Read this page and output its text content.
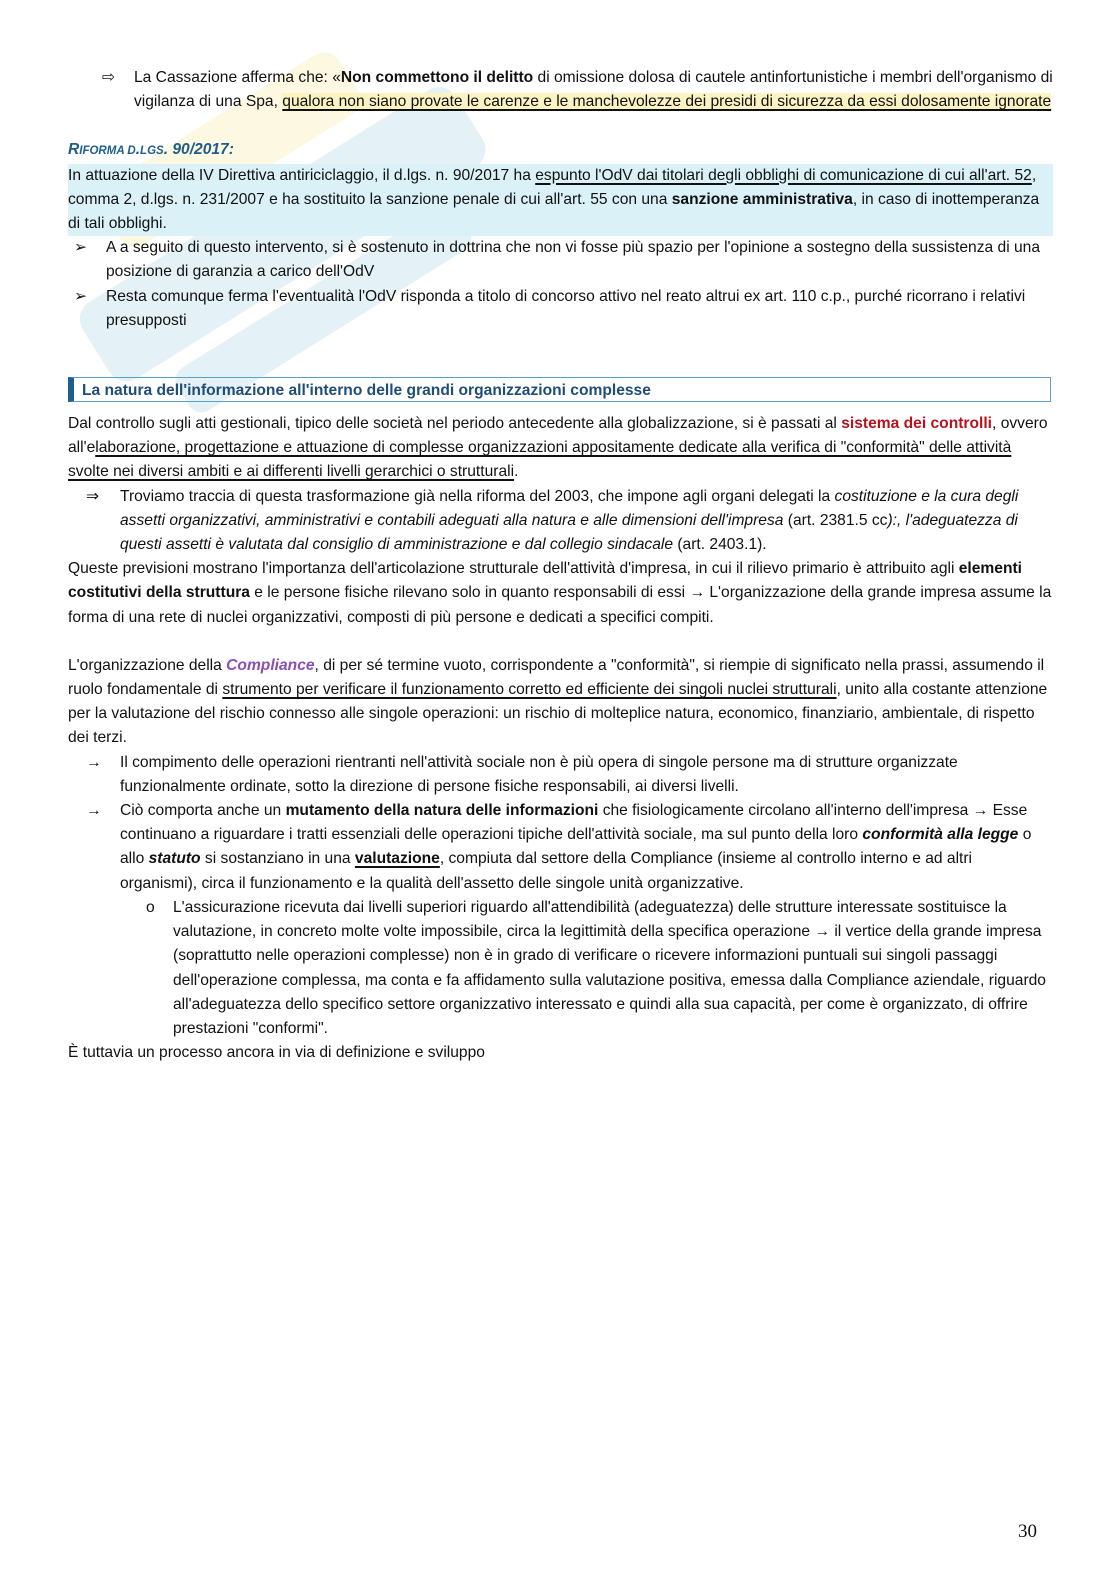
⇨ La Cassazione afferma che: «Non commettono il delitto di omissione dolosa di cautele antinfortunistiche i membri dell'organismo di vigilanza di una Spa, qualora non siano provate le carenze e le manchevolezze dei presidi di sicurezza da essi dolosamente ignorate

RIFORMA D.LGS. 90/2017:

In attuazione della IV Direttiva antiriciclaggio, il d.lgs. n. 90/2017 ha espunto l'OdV dai titolari degli obblighi di comunicazione di cui all'art. 52, comma 2, d.lgs. n. 231/2007 e ha sostituito la sanzione penale di cui all'art. 55 con una sanzione amministrativa, in caso di inottemperanza di tali obblighi.

➢ A a seguito di questo intervento, si è sostenuto in dottrina che non vi fosse più spazio per l'opinione a sostegno della sussistenza di una posizione di garanzia a carico dell'OdV

➢ Resta comunque ferma l'eventualità l'OdV risponda a titolo di concorso attivo nel reato altrui ex art. 110 c.p., purché ricorrano i relativi presupposti

La natura dell'informazione all'interno delle grandi organizzazioni complesse

Dal controllo sugli atti gestionali, tipico delle società nel periodo antecedente alla globalizzazione, si è passati al sistema dei controlli, ovvero all'elaborazione, progettazione e attuazione di complesse organizzazioni appositamente dedicate alla verifica di "conformità" delle attività svolte nei diversi ambiti e ai differenti livelli gerarchici o strutturali.

⇒ Troviamo traccia di questa trasformazione già nella riforma del 2003, che impone agli organi delegati la costituzione e la cura degli assetti organizzativi, amministrativi e contabili adeguati alla natura e alle dimensioni dell'impresa (art. 2381.5 cc):, l'adeguatezza di questi assetti è valutata dal consiglio di amministrazione e dal collegio sindacale (art. 2403.1).

Queste previsioni mostrano l'importanza dell'articolazione strutturale dell'attività d'impresa, in cui il rilievo primario è attribuito agli elementi costitutivi della struttura e le persone fisiche rilevano solo in quanto responsabili di essi → L'organizzazione della grande impresa assume la forma di una rete di nuclei organizzativi, composti di più persone e dedicati a specifici compiti.

L'organizzazione della Compliance, di per sé termine vuoto, corrispondente a "conformità", si riempie di significato nella prassi, assumendo il ruolo fondamentale di strumento per verificare il funzionamento corretto ed efficiente dei singoli nuclei strutturali, unito alla costante attenzione per la valutazione del rischio connesso alle singole operazioni: un rischio di molteplice natura, economico, finanziario, ambientale, di rispetto dei terzi.

→ Il compimento delle operazioni rientranti nell'attività sociale non è più opera di singole persone ma di strutture organizzate funzionalmente ordinate, sotto la direzione di persone fisiche responsabili, ai diversi livelli.

→ Ciò comporta anche un mutamento della natura delle informazioni che fisiologicamente circolano all'interno dell'impresa → Esse continuano a riguardare i tratti essenziali delle operazioni tipiche dell'attività sociale, ma sul punto della loro conformità alla legge o allo statuto si sostanziano in una valutazione, compiuta dal settore della Compliance (insieme al controllo interno e ad altri organismi), circa il funzionamento e la qualità dell'assetto delle singole unità organizzative.

o L'assicurazione ricevuta dai livelli superiori riguardo all'attendibilità (adeguatezza) delle strutture interessate sostituisce la valutazione, in concreto molte volte impossibile, circa la legittimità della specifica operazione → il vertice della grande impresa (soprattutto nelle operazioni complesse) non è in grado di verificare o ricevere informazioni puntuali sui singoli passaggi dell'operazione complessa, ma conta e fa affidamento sulla valutazione positiva, emessa dalla Compliance aziendale, riguardo all'adeguatezza dello specifico settore organizzativo interessato e quindi alla sua capacità, per come è organizzato, di offrire prestazioni "conformi".

È tuttavia un processo ancora in via di definizione e sviluppo

30
